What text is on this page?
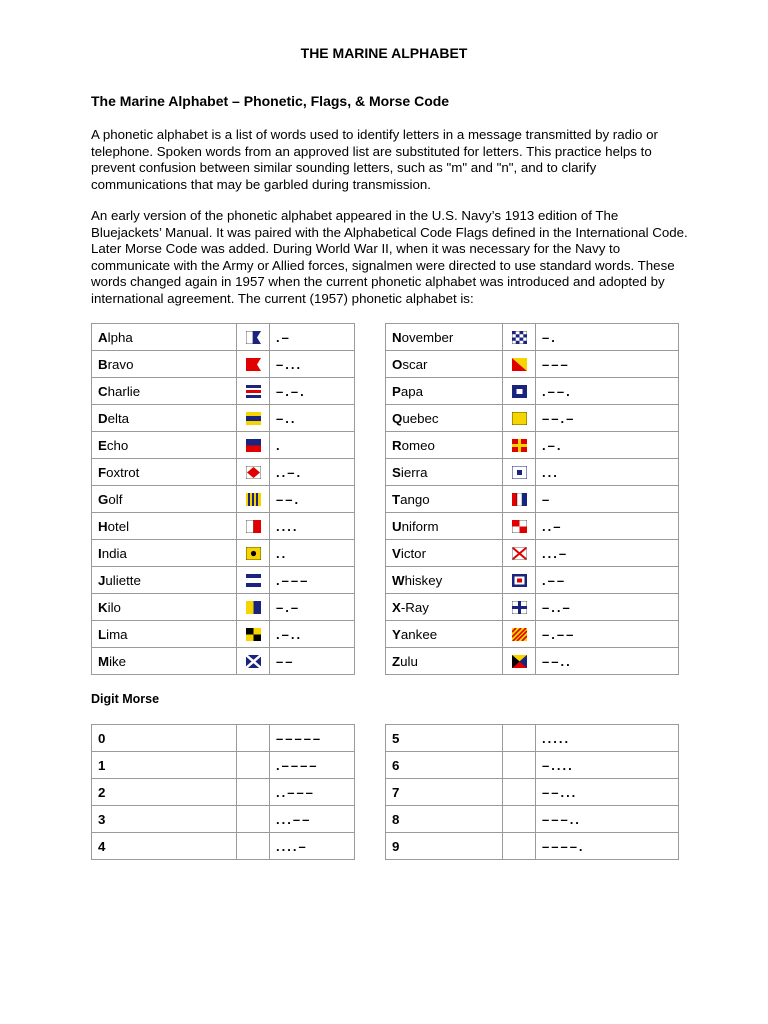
THE MARINE ALPHABET
The Marine Alphabet – Phonetic, Flags, & Morse Code
A phonetic alphabet is a list of words used to identify letters in a message transmitted by radio or telephone. Spoken words from an approved list are substituted for letters. This practice helps to prevent confusion between similar sounding letters, such as "m" and "n", and to clarify communications that may be garbled during transmission.
An early version of the phonetic alphabet appeared in the U.S. Navy’s 1913 edition of The Bluejackets’ Manual. It was paired with the Alphabetical Code Flags defined in the International Code. Later Morse Code was added. During World War II, when it was necessary for the Navy to communicate with the Army or Allied forces, signalmen were directed to use standard words. These words changed again in 1957 when the current phonetic alphabet was introduced and adopted by international agreement. The current (1957) phonetic alphabet is:
Alpha		.–		November		–.
Bravo		–...		Oscar		–––
Charlie		–.–.		Papa		.––.
Delta		–..		Quebec		––.–
Echo		.		Romeo		.–.
Foxtrot		..–.		Sierra		...
Golf		––.		Tango		–
Hotel		....		Uniform		..–
India		..		Victor		...–
Juliette		.–––		Whiskey		.––
Kilo		–.–		X-Ray		–..–
Lima		.–..		Yankee		–.––
Mike		––		Zulu		––..
Digit Morse
0		–––––		5		.....
1		.––––		6		–....
2		..–––		7		––...
3		...––		8		–––..
4		....–		9		––––.
